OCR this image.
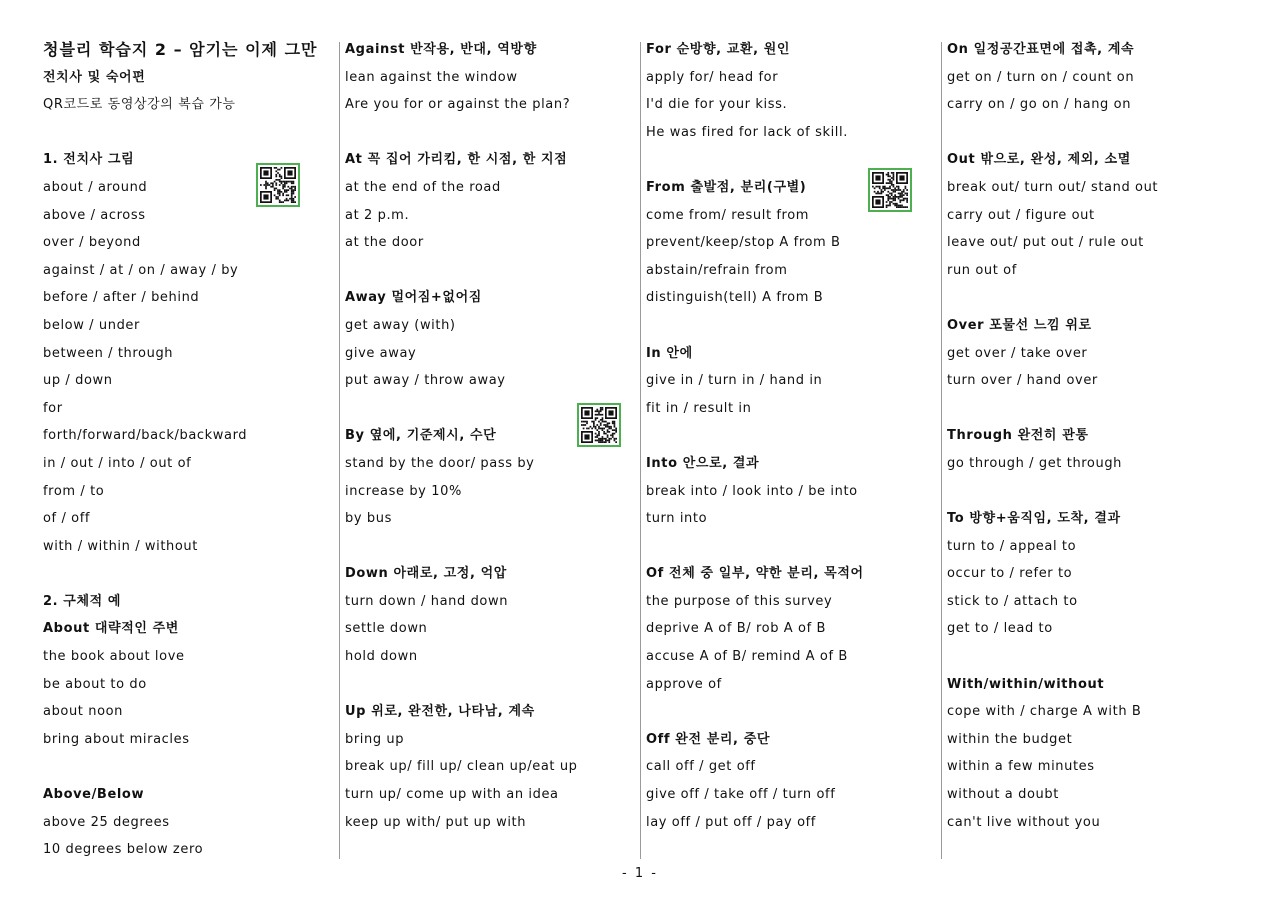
청블리 학습지 2 – 암기는 이제 그만
전치사 및 숙어편
QR코드로 동영상강의 복습 가능
1. 전치사 그림
about / around
above / across
over / beyond
against / at / on / away / by
before / after / behind
below / under
between / through
up / down
for
forth/forward/back/backward
in / out / into / out of
from / to
of / off
with / within / without
2. 구체적 예
About 대략적인 주변
the book about love
be about to do
about noon
bring about miracles
Above/Below
above 25 degrees
10 degrees below zero
Against 반작용, 반대, 역방향
lean against the window
Are you for or against the plan?
At 꼭 집어 가리킴, 한 시점, 한 지점
at the end of the road
at 2 p.m.
at the door
Away 멀어짐+없어짐
get away (with)
give away
put away / throw away
By 옆에, 기준제시, 수단
stand by the door/ pass by
increase by 10%
by bus
Down 아래로, 고정, 억압
turn down / hand down
settle down
hold down
Up 위로, 완전한, 나타남, 계속
bring up
break up/ fill up/ clean up/eat up
turn up/ come up with an idea
keep up with/ put up with
For 순방향, 교환, 원인
apply for/ head for
I'd die for your kiss.
He was fired for lack of skill.
From 출발점, 분리(구별)
come from/ result from
prevent/keep/stop A from B
abstain/refrain from
distinguish(tell) A from B
In 안에
give in / turn in / hand in
fit in / result in
Into 안으로, 결과
break into / look into / be into
turn into
Of 전체 중 일부, 약한 분리, 목적어
the purpose of this survey
deprive A of B/ rob A of B
accuse A of B/ remind A of B
approve of
Off 완전 분리, 중단
call off / get off
give off / take off / turn off
lay off / put off / pay off
On 일정공간표면에 접촉, 계속
get on / turn on / count on
carry on / go on / hang on
Out 밖으로, 완성, 제외, 소멸
break out/ turn out/ stand out
carry out / figure out
leave out/ put out / rule out
run out of
Over 포물선 느낌 위로
get over / take over
turn over / hand over
Through 완전히 관통
go through / get through
To 방향+움직임, 도착, 결과
turn to / appeal to
occur to / refer to
stick to / attach to
get to / lead to
With/within/without
cope with / charge A with B
within the budget
within a few minutes
without a doubt
can't live without you
- 1 -
